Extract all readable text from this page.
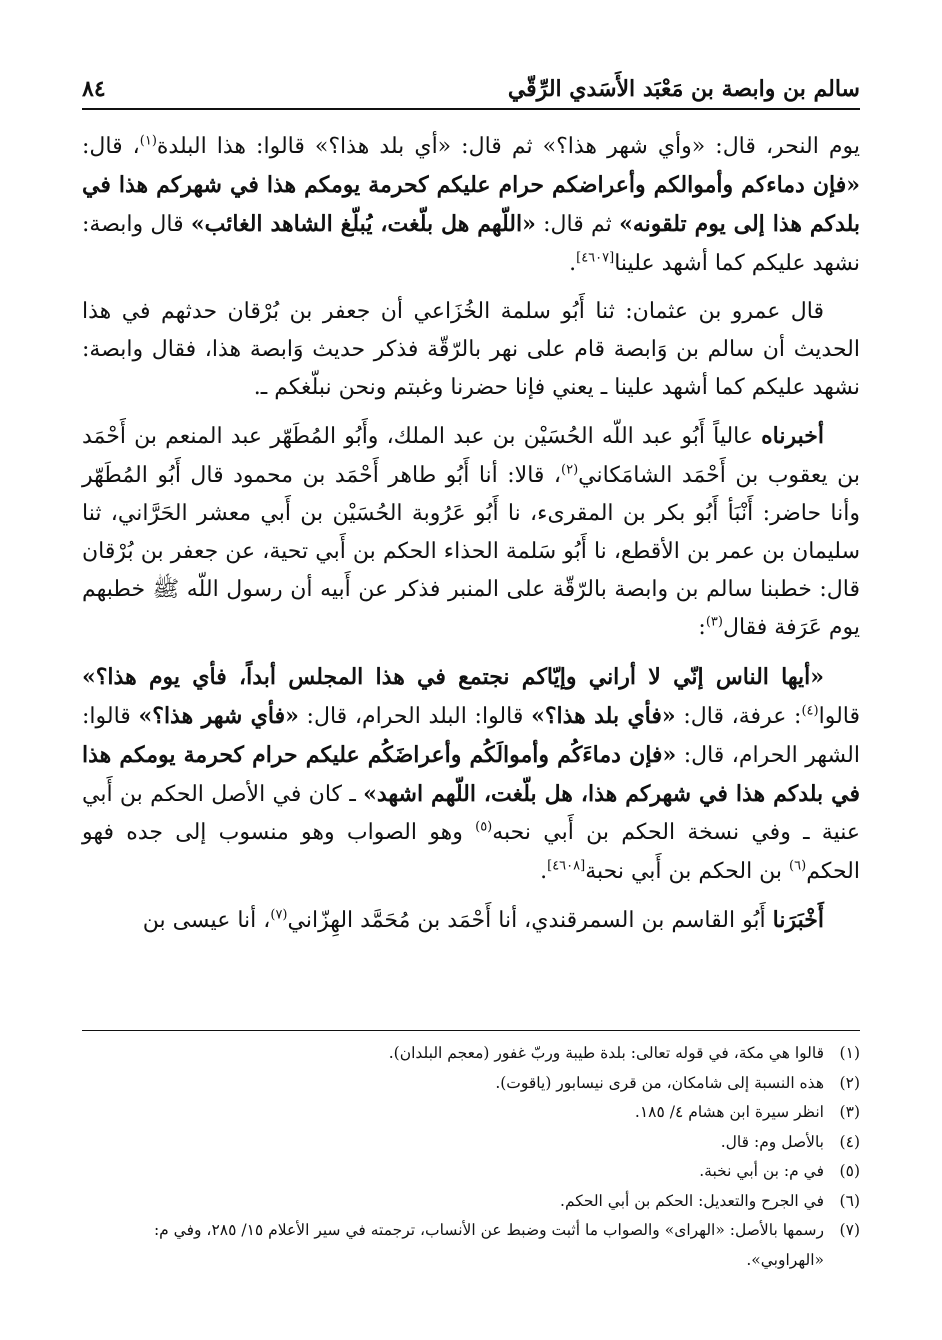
سالم بن وابصة بن مَعْبَد الأَسَدي الرِّقّي
٨٤

يوم النحر، قال: «وأي شهر هذا؟» ثم قال: «أي بلد هذا؟» قالوا: هذا البلدة$^{(١)}$، قال: «فإن دماءكم وأموالكم وأعراضكم حرام عليكم كحرمة يومكم هذا في شهركم هذا في بلدكم هذا إلى يوم تلقونه» ثم قال: «اللّهم هل بلّغت، يُبلّغ الشاهد الغائب» قال وابصة: نشهد عليكم كما أشهد علينا[٤٦٠٧].

قال عمرو بن عثمان: ثنا أَبُو سلمة الخُزَاعي أن جعفر بن بُرْقان حدثهم في هذا الحديث أن سالم بن وَابصة قام على نهر بالرّقّة فذكر حديث وَابصة هذا، فقال وابصة: نشهد عليكم كما أشهد علينا ـ يعني فإنا حضرنا وغبتم ونحن نبلّغكم ـ.

أخبرناه عالياً أَبُو عبد اللّه الحُسَيْن بن عبد الملك، وأَبُو المُطَهّر عبد المنعم بن أَحْمَد بن يعقوب بن أَحْمَد الشامَكاني$^{(٢)}$، قالا: أنا أَبُو طاهر أَحْمَد بن محمود قال أَبُو المُطَهّر وأنا حاضر: أَنْبَأ أَبُو بكر بن المقرىء، نا أَبُو عَرُوبة الحُسَيْن بن أَبي معشر الحَرَّاني، ثنا سليمان بن عمر بن الأقطع، نا أَبُو سَلمة الحذاء الحكم بن أَبي تحية، عن جعفر بن بُرْقان قال: خطبنا سالم بن وابصة بالرّقّة على المنبر فذكر عن أَبيه أن رسول اللّه ﷺ خطبهم يوم عَرَفة فقال$^{(٣)}$:

«أيها الناس إنّي لا أراني وإيّاكم نجتمع في هذا المجلس أبداً، فأي يوم هذا؟» قالوا$^{(٤)}$: عرفة، قال: «فأي بلد هذا؟» قالوا: البلد الحرام، قال: «فأي شهر هذا؟» قالوا: الشهر الحرام، قال: «فإن دماءَكُم وأموالَكُم وأعراضَكُم عليكم حرام كحرمة يومكم هذا في بلدكم هذا في شهركم هذا، هل بلّغت، اللّهم اشهد» ـ كان في الأصل الحكم بن أَبي عنية ـ وفي نسخة الحكم بن أَبي نحبه$^{(٥)}$ وهو الصواب وهو منسوب إلى جده فهو الحكم$^{(٦)}$ بن الحكم بن أَبي نحبة[٤٦٠٨].

أَخْبَرَنا أَبُو القاسم بن السمرقندي، أنا أَحْمَد بن مُحَمَّد الهِزّاني$^{(٧)}$، أنا عيسى بن

(١)
قالوا هي مكة، في قوله تعالى: بلدة طيبة وربّ غفور (معجم البلدان).
(٢)
هذه النسبة إلى شامكان، من قرى نيسابور (ياقوت).
(٣)
انظر سيرة ابن هشام ٤/ ١٨٥.
(٤)
بالأصل وم: قال.
(٥)
في م: بن أبي نخبة.
(٦)
في الجرح والتعديل: الحكم بن أبي الحكم.
(٧)
رسمها بالأصل: «الهراى» والصواب ما أثبت وضبط عن الأنساب، ترجمته في سير الأعلام ١٥/ ٢٨٥، وفي م: «الهراوبي».
